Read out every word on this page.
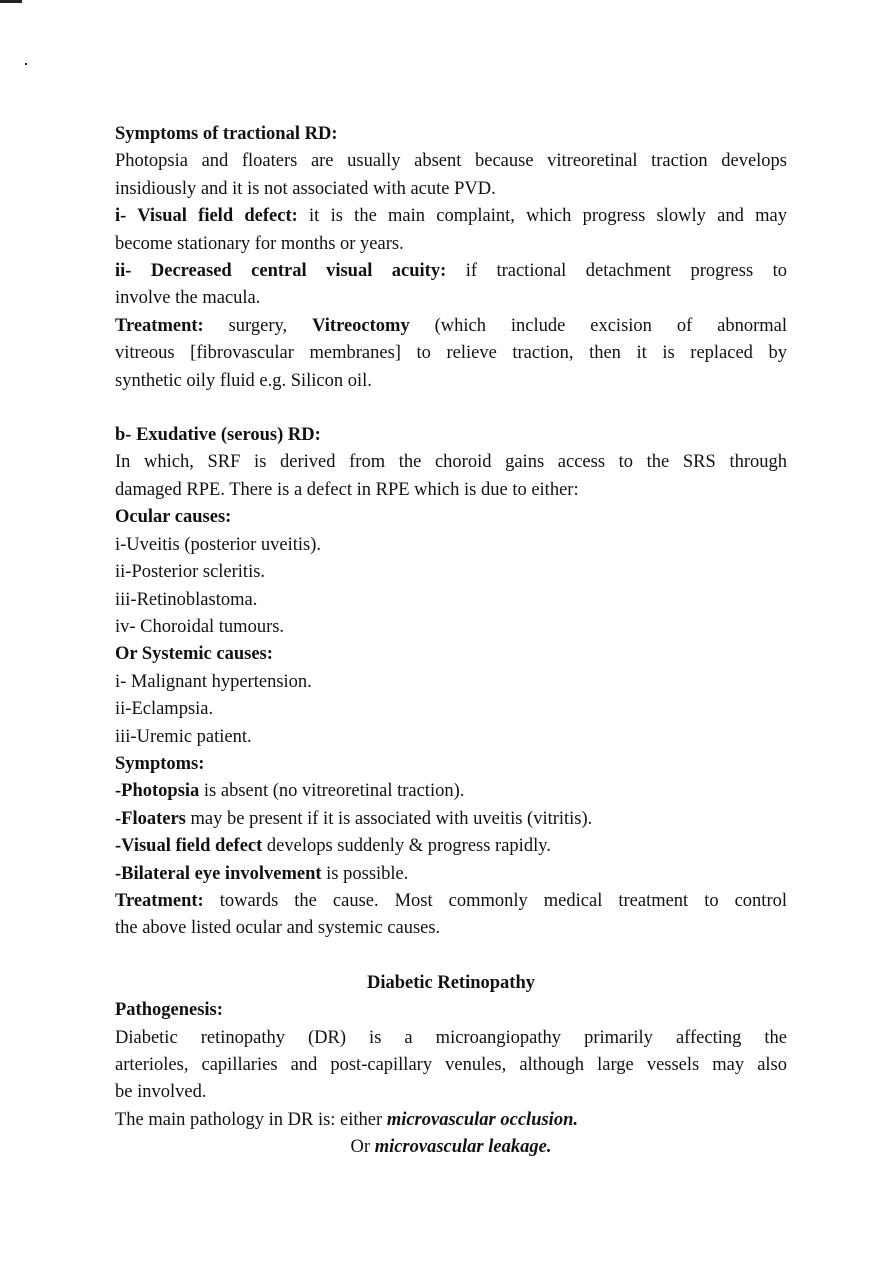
Symptoms of tractional RD:

Photopsia and floaters are usually absent because vitreoretinal traction develops

insidiously and it is not associated with acute PVD.

i- Visual field defect: it is the main complaint, which progress slowly and may

become stationary for months or years.

ii- Decreased central visual acuity: if tractional detachment progress to

involve the macula.

Treatment: surgery, Vitreoctomy (which include excision of abnormal

vitreous [fibrovascular membranes] to relieve traction, then it is replaced by

synthetic oily fluid e.g. Silicon oil.

b- Exudative (serous) RD:

In which, SRF is derived from the choroid gains access to the SRS through

damaged RPE. There is a defect in RPE which is due to either:

Ocular causes:

i-Uveitis (posterior uveitis).

ii-Posterior scleritis.

iii-Retinoblastoma.

iv- Choroidal tumours.

Or Systemic causes:

i- Malignant hypertension.

ii-Eclampsia.

iii-Uremic patient.

Symptoms:

-Photopsia is absent (no vitreoretinal traction).

-Floaters may be present if it is associated with uveitis (vitritis).

-Visual field defect develops suddenly & progress rapidly.

-Bilateral eye involvement is possible.

Treatment: towards the cause. Most commonly medical treatment to control

the above listed ocular and systemic causes.

Diabetic Retinopathy

Pathogenesis:

Diabetic retinopathy (DR) is a microangiopathy primarily affecting the

arterioles, capillaries and post-capillary venules, although large vessels may also

be involved.

The main pathology in DR is: either microvascular occlusion.

Or microvascular leakage.
